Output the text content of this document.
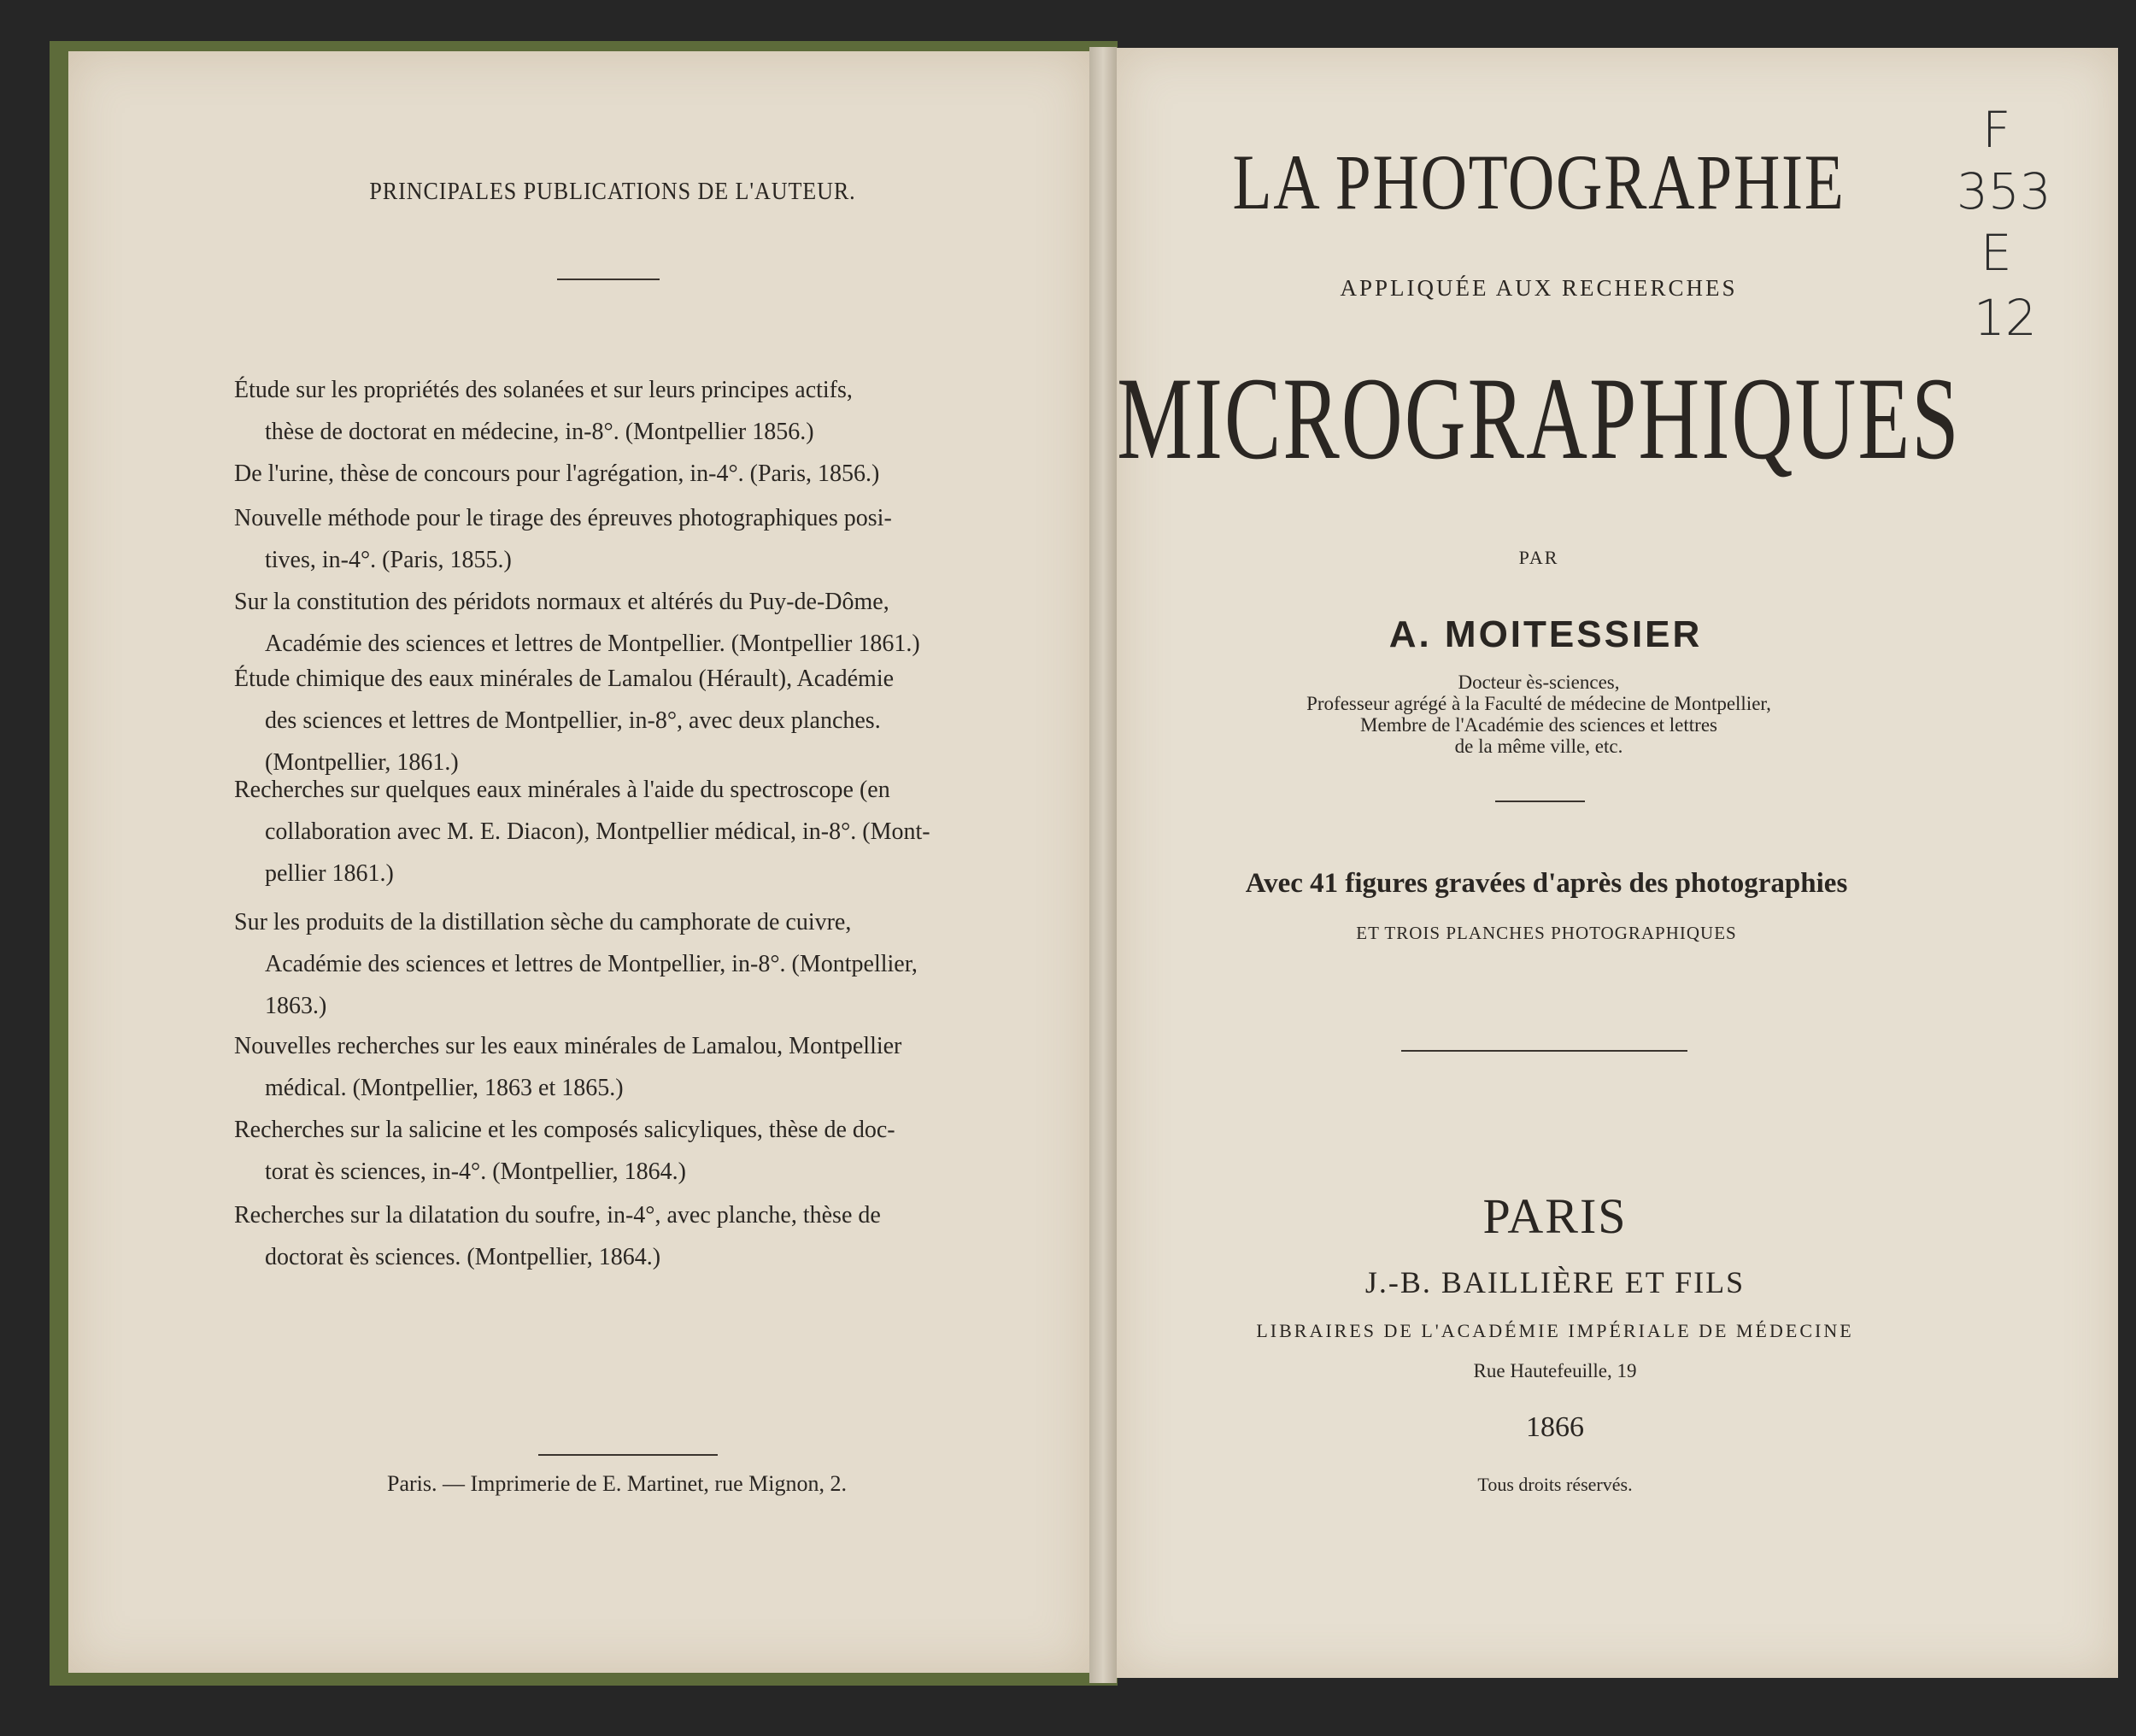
PRINCIPALES PUBLICATIONS DE L'AUTEUR.
Étude sur les propriétés des solanées et sur leurs principes actifs,
thèse de doctorat en médecine, in-8°. (Montpellier 1856.)
De l'urine, thèse de concours pour l'agrégation, in-4°. (Paris, 1856.)
Nouvelle méthode pour le tirage des épreuves photographiques posi-
tives, in-4°. (Paris, 1855.)
Sur la constitution des péridots normaux et altérés du Puy-de-Dôme,
Académie des sciences et lettres de Montpellier. (Montpellier 1861.)
Étude chimique des eaux minérales de Lamalou (Hérault), Académie
des sciences et lettres de Montpellier, in-8°, avec deux planches.
(Montpellier, 1861.)
Recherches sur quelques eaux minérales à l'aide du spectroscope (en
collaboration avec M. E. Diacon), Montpellier médical, in-8°. (Mont-
pellier 1861.)
Sur les produits de la distillation sèche du camphorate de cuivre,
Académie des sciences et lettres de Montpellier, in-8°. (Montpellier,
1863.)
Nouvelles recherches sur les eaux minérales de Lamalou, Montpellier
médical. (Montpellier, 1863 et 1865.)
Recherches sur la salicine et les composés salicyliques, thèse de doc-
torat ès sciences, in-4°. (Montpellier, 1864.)
Recherches sur la dilatation du soufre, in-4°, avec planche, thèse de
doctorat ès sciences. (Montpellier, 1864.)
Paris. — Imprimerie de E. Martinet, rue Mignon, 2.
LA PHOTOGRAPHIE
APPLIQUÉE AUX RECHERCHES
MICROGRAPHIQUES
PAR
A. MOITESSIER
Docteur ès-sciences,
Professeur agrégé à la Faculté de médecine de Montpellier,
Membre de l'Académie des sciences et lettres
de la même ville, etc.
Avec 41 figures gravées d'après des photographies
ET TROIS PLANCHES PHOTOGRAPHIQUES
PARIS
J.-B. BAILLIÈRE ET FILS
LIBRAIRES DE L'ACADÉMIE IMPÉRIALE DE MÉDECINE
Rue Hautefeuille, 19
1866
Tous droits réservés.
F
353
E
12
